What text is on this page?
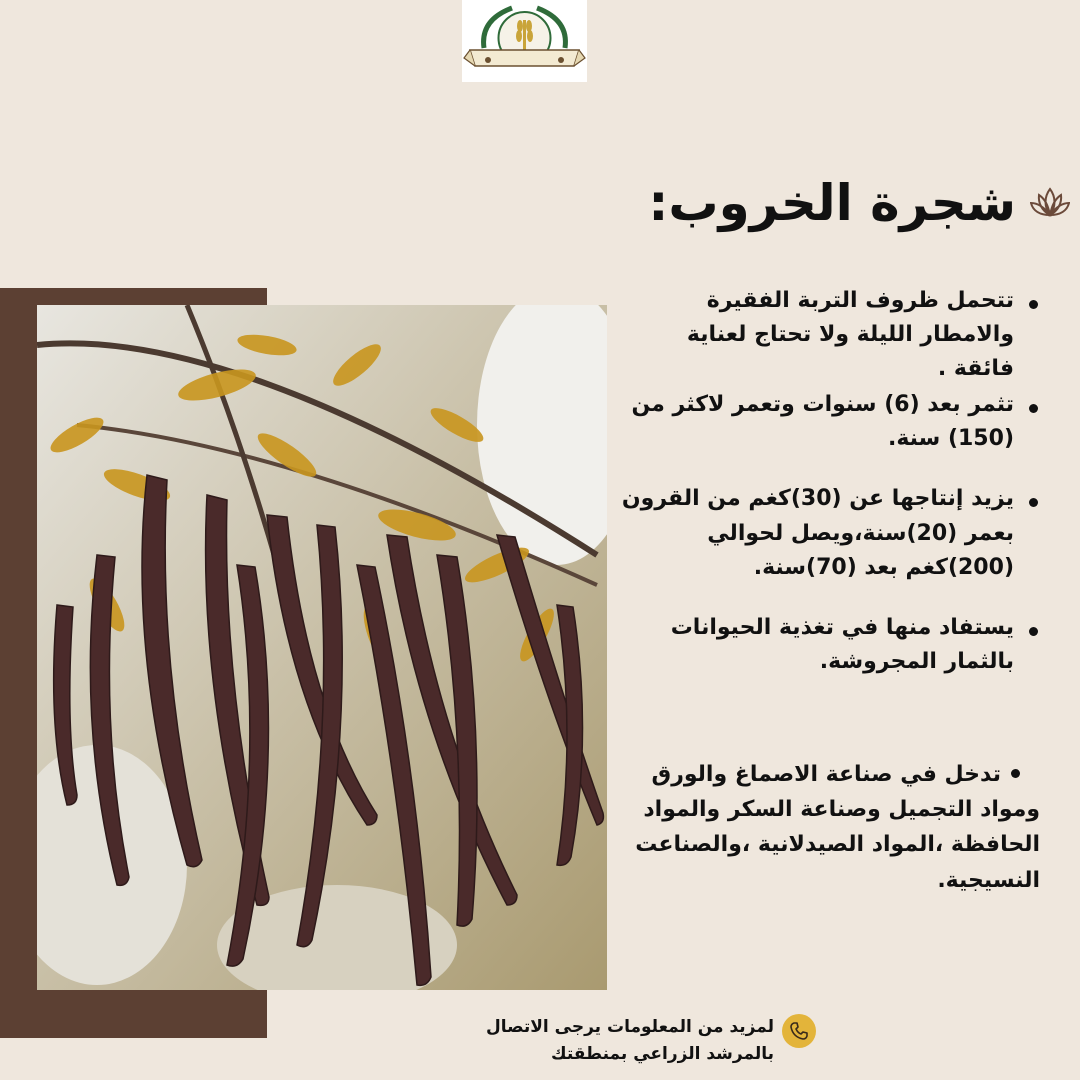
شجرة الخروب:
تتحمل ظروف التربة الفقيرة والامطار الليلة ولا تحتاج لعناية فائقة .
تثمر بعد (6) سنوات وتعمر لاكثر من (150) سنة.
يزيد إنتاجها عن (30)كغم من القرون بعمر (20)سنة،ويصل لحوالي (200)كغم بعد (70)سنة.
يستفاد منها في تغذية الحيوانات بالثمار المجروشة.
تدخل في صناعة الاصماغ والورق ومواد التجميل وصناعة السكر والمواد الحافظة ،المواد الصيدلانية ،والصناعت النسيجية.
لمزيد من المعلومات يرجى الاتصال بالمرشد الزراعي بمنطقتك
